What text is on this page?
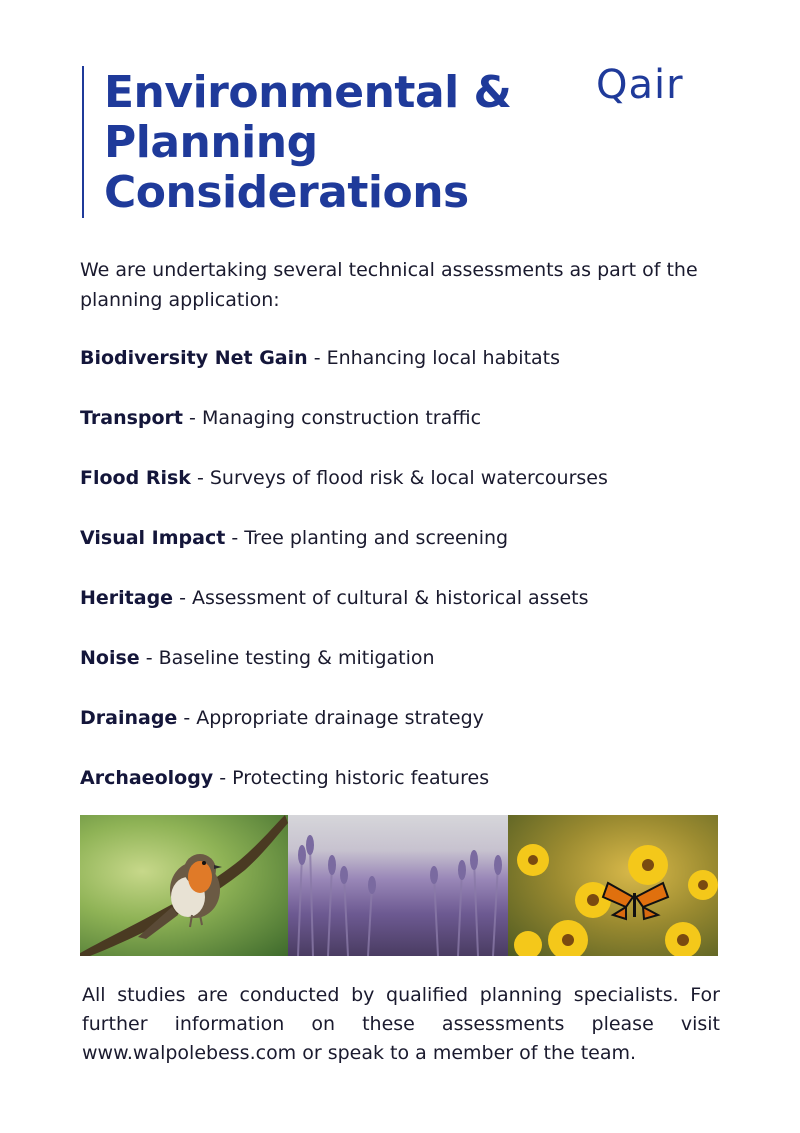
Environmental &
Planning
Considerations
Qair

We are undertaking several technical assessments as part of the planning application:

Biodiversity Net Gain - Enhancing local habitats
Transport - Managing construction traffic
Flood Risk - Surveys of flood risk & local watercourses
Visual Impact - Tree planting and screening
Heritage - Assessment of cultural & historical assets
Noise - Baseline testing & mitigation
Drainage - Appropriate drainage strategy
Archaeology - Protecting historic features

All studies are conducted by qualified planning specialists. For further information on these assessments please visit www.walpolebess.com or speak to a member of the team.
